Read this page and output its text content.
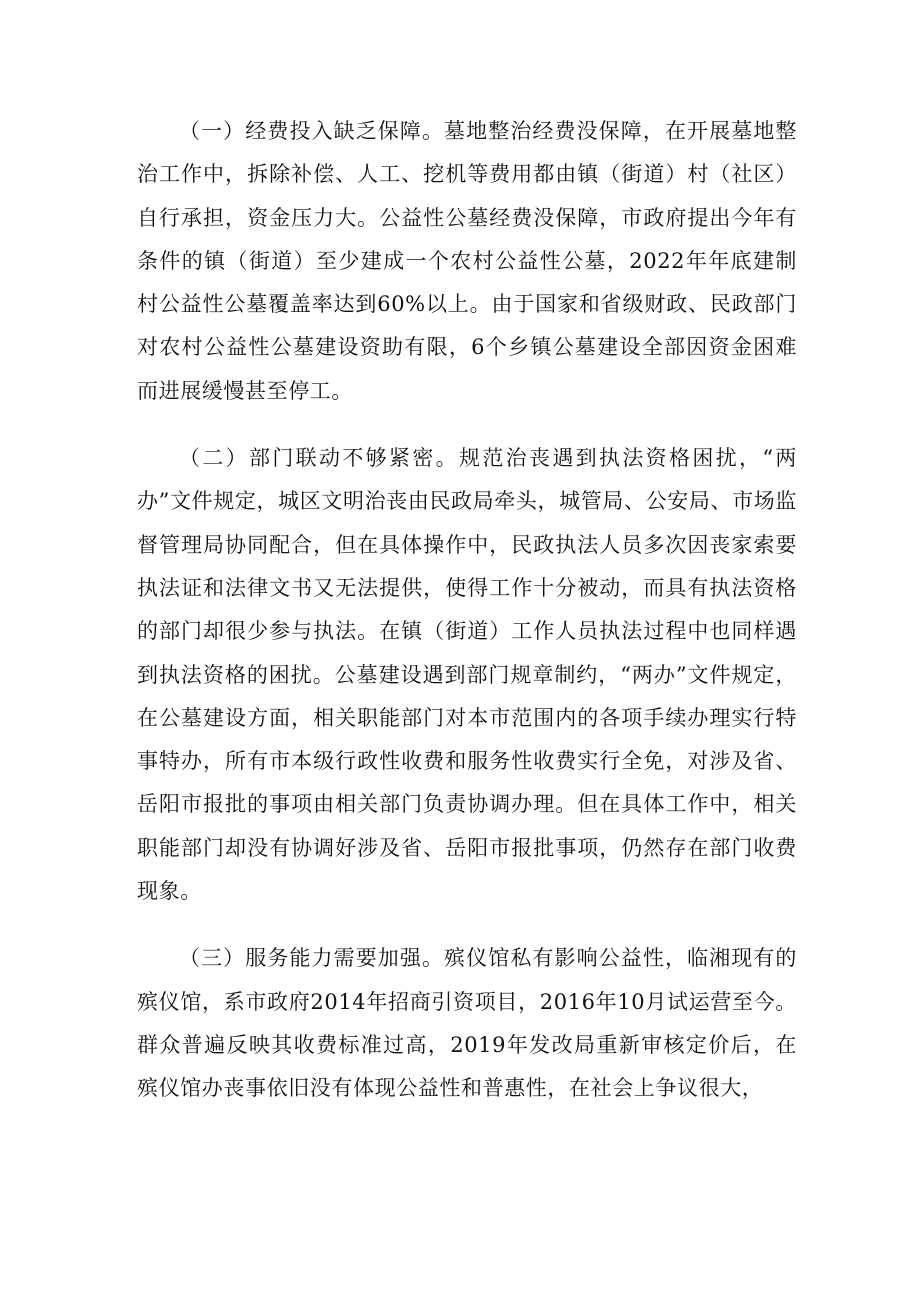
（一）经费投入缺乏保障。墓地整治经费没保障，在开展墓地整治工作中，拆除补偿、人工、挖机等费用都由镇（街道）村（社区）自行承担，资金压力大。公益性公墓经费没保障，市政府提出今年有条件的镇（街道）至少建成一个农村公益性公墓，2022年年底建制村公益性公墓覆盖率达到60%以上。由于国家和省级财政、民政部门对农村公益性公墓建设资助有限，6个乡镇公墓建设全部因资金困难而进展缓慢甚至停工。

（二）部门联动不够紧密。规范治丧遇到执法资格困扰，“两办”文件规定，城区文明治丧由民政局牵头，城管局、公安局、市场监督管理局协同配合，但在具体操作中，民政执法人员多次因丧家索要执法证和法律文书又无法提供，使得工作十分被动，而具有执法资格的部门却很少参与执法。在镇（街道）工作人员执法过程中也同样遇到执法资格的困扰。公墓建设遇到部门规章制约，“两办”文件规定，在公墓建设方面，相关职能部门对本市范围内的各项手续办理实行特事特办，所有市本级行政性收费和服务性收费实行全免，对涉及省、岳阳市报批的事项由相关部门负责协调办理。但在具体工作中，相关职能部门却没有协调好涉及省、岳阳市报批事项，仍然存在部门收费现象。

（三）服务能力需要加强。殡仪馆私有影响公益性，临湘现有的殡仪馆，系市政府2014年招商引资项目，2016年10月试运营至今。群众普遍反映其收费标准过高，2019年发改局重新审核定价后，在殡仪馆办丧事依旧没有体现公益性和普惠性，在社会上争议很大，
